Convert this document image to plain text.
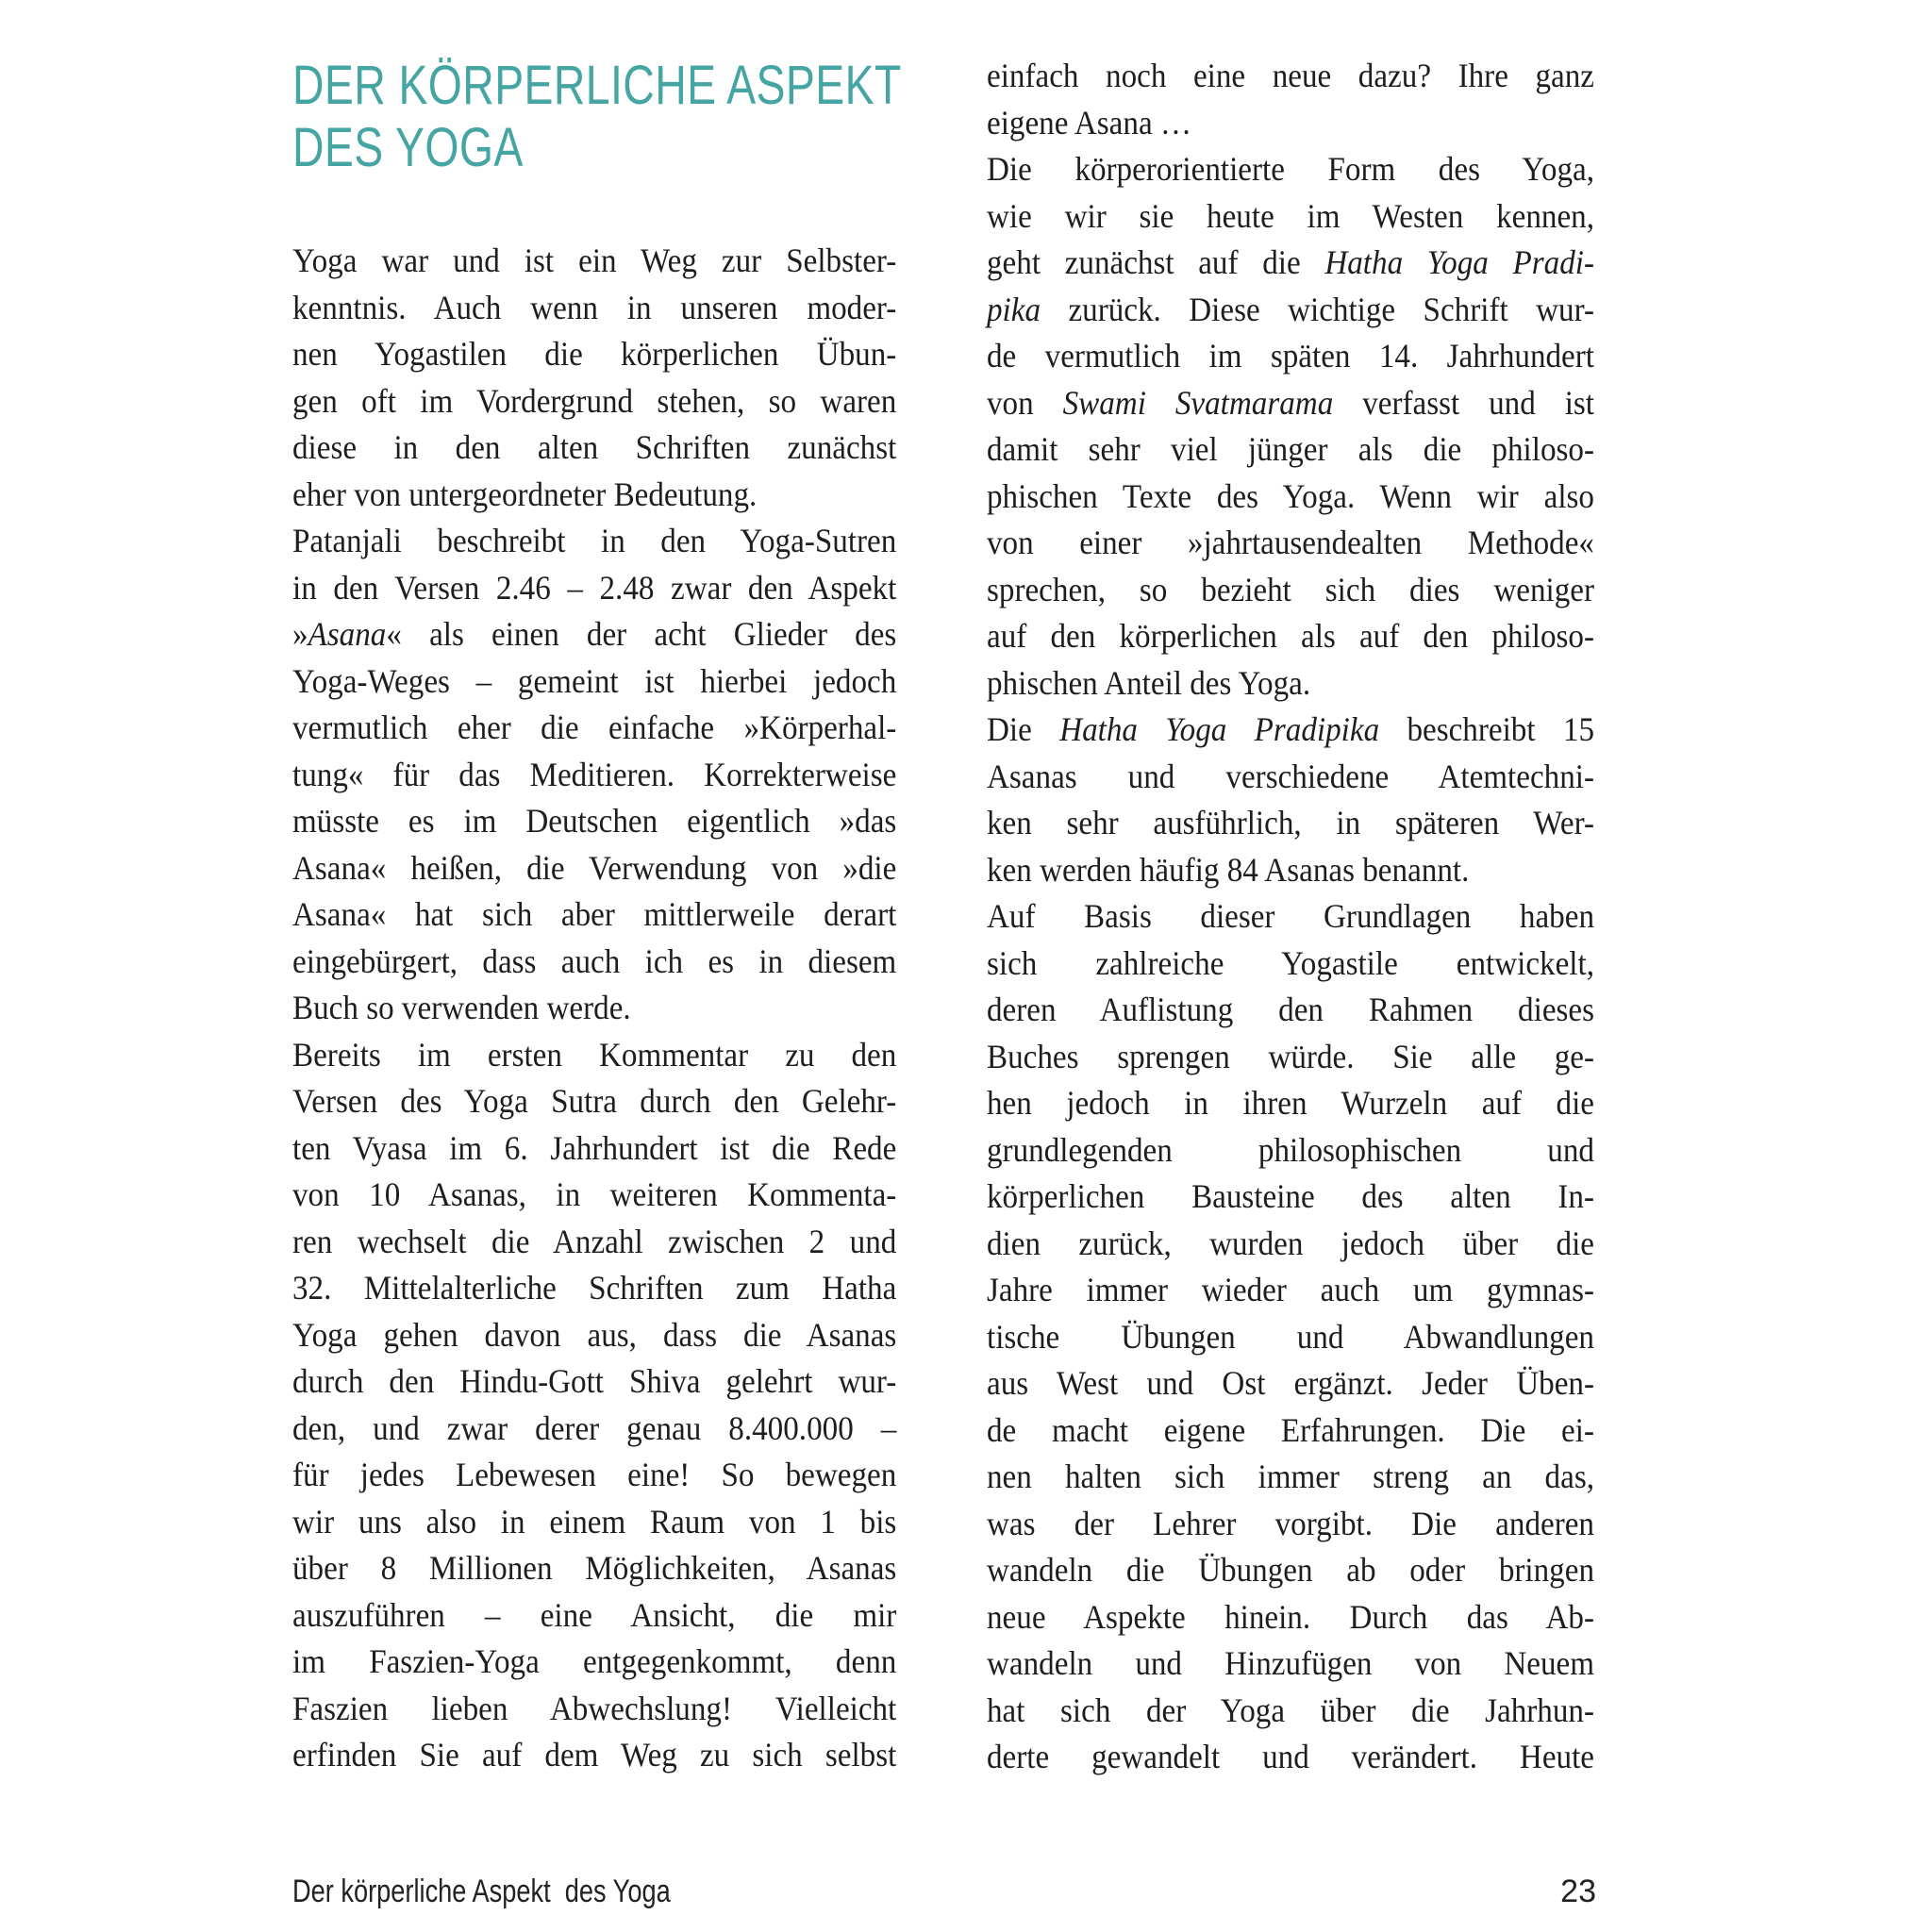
DER KÖRPERLICHE ASPEKT
DES YOGA
Yoga war und ist ein Weg zur Selbster-
kenntnis. Auch wenn in unseren moder-
nen Yogastilen die körperlichen Übun-
gen oft im Vordergrund stehen, so waren
diese in den alten Schriften zunächst
eher von untergeordneter Bedeutung.
Patanjali beschreibt in den Yoga-Sutren
in den Versen 2.46 – 2.48 zwar den Aspekt
»Asana« als einen der acht Glieder des
Yoga-Weges – gemeint ist hierbei jedoch
vermutlich eher die einfache »Körperhal-
tung« für das Meditieren. Korrekterweise
müsste es im Deutschen eigentlich »das
Asana« heißen, die Verwendung von »die
Asana« hat sich aber mittlerweile derart
eingebürgert, dass auch ich es in diesem
Buch so verwenden werde.
Bereits im ersten Kommentar zu den
Versen des Yoga Sutra durch den Gelehr-
ten Vyasa im 6. Jahrhundert ist die Rede
von 10 Asanas, in weiteren Kommenta-
ren wechselt die Anzahl zwischen 2 und
32. Mittelalterliche Schriften zum Hatha
Yoga gehen davon aus, dass die Asanas
durch den Hindu-Gott Shiva gelehrt wur-
den, und zwar derer genau 8.400.000 –
für jedes Lebewesen eine! So bewegen
wir uns also in einem Raum von 1 bis
über 8 Millionen Möglichkeiten, Asanas
auszuführen – eine Ansicht, die mir
im Faszien-Yoga entgegenkommt, denn
Faszien lieben Abwechslung! Vielleicht
erfinden Sie auf dem Weg zu sich selbst
einfach noch eine neue dazu? Ihre ganz
eigene Asana …
Die körperorientierte Form des Yoga,
wie wir sie heute im Westen kennen,
geht zunächst auf die Hatha Yoga Pradi-
pika zurück. Diese wichtige Schrift wur-
de vermutlich im späten 14. Jahrhundert
von Swami Svatmarama verfasst und ist
damit sehr viel jünger als die philoso-
phischen Texte des Yoga. Wenn wir also
von einer »jahrtausendealten Methode«
sprechen, so bezieht sich dies weniger
auf den körperlichen als auf den philoso-
phischen Anteil des Yoga.
Die Hatha Yoga Pradipika beschreibt 15
Asanas und verschiedene Atemtechni-
ken sehr ausführlich, in späteren Wer-
ken werden häufig 84 Asanas benannt.
Auf Basis dieser Grundlagen haben
sich zahlreiche Yogastile entwickelt,
deren Auflistung den Rahmen dieses
Buches sprengen würde. Sie alle ge-
hen jedoch in ihren Wurzeln auf die
grundlegenden philosophischen und
körperlichen Bausteine des alten In-
dien zurück, wurden jedoch über die
Jahre immer wieder auch um gymnas-
tische Übungen und Abwandlungen
aus West und Ost ergänzt. Jeder Üben-
de macht eigene Erfahrungen. Die ei-
nen halten sich immer streng an das,
was der Lehrer vorgibt. Die anderen
wandeln die Übungen ab oder bringen
neue Aspekte hinein. Durch das Ab-
wandeln und Hinzufügen von Neuem
hat sich der Yoga über die Jahrhun-
derte gewandelt und verändert. Heute
Der körperliche Aspekt  des Yoga	23
